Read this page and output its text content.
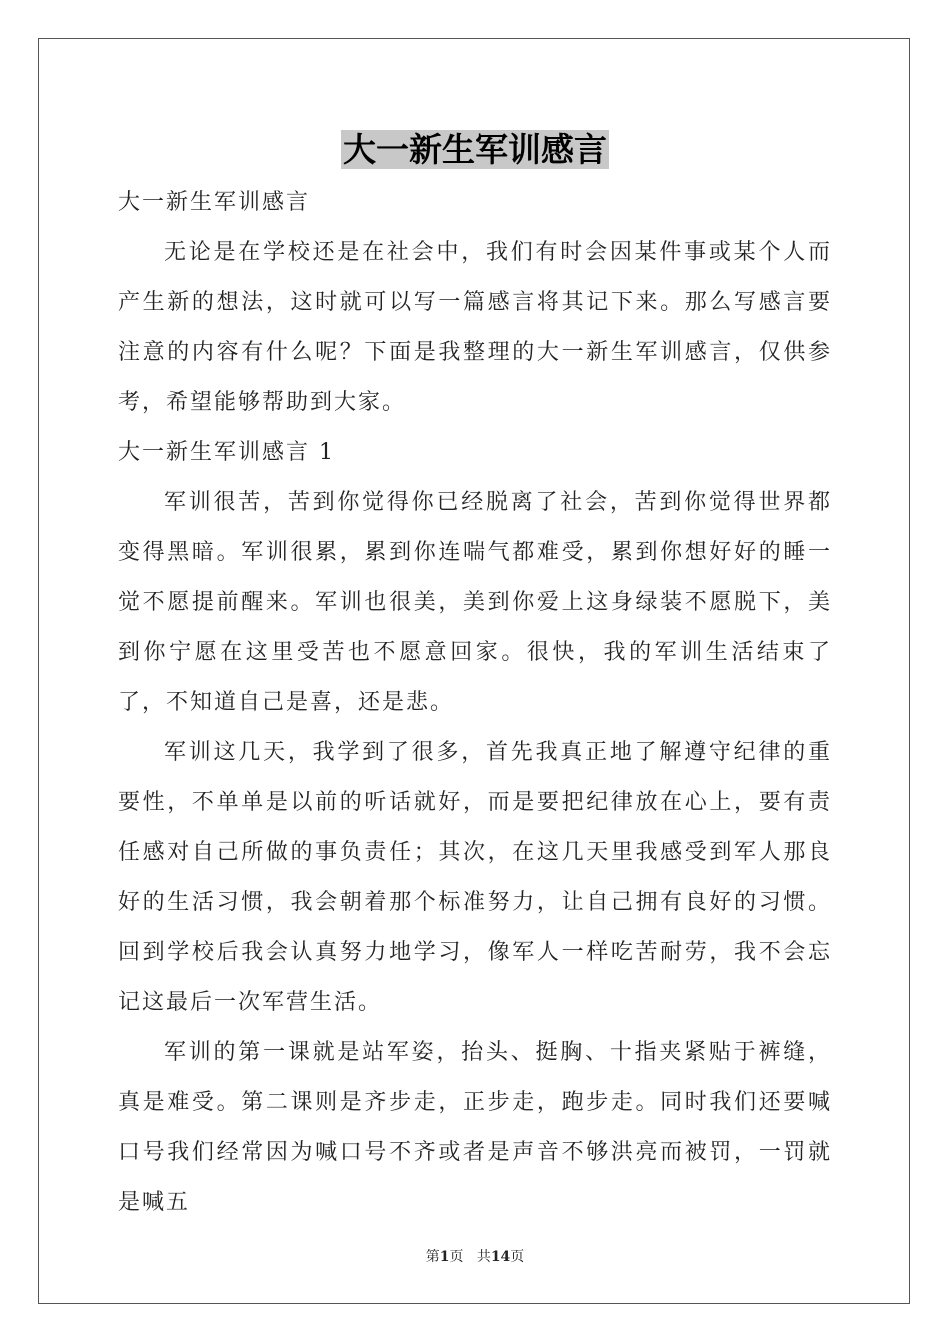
大一新生军训感言

大一新生军训感言

无论是在学校还是在社会中，我们有时会因某件事或某个人而产生新的想法，这时就可以写一篇感言将其记下来。那么写感言要注意的内容有什么呢？下面是我整理的大一新生军训感言，仅供参考，希望能够帮助到大家。

大一新生军训感言 1

军训很苦，苦到你觉得你已经脱离了社会，苦到你觉得世界都变得黑暗。军训很累，累到你连喘气都难受，累到你想好好的睡一觉不愿提前醒来。军训也很美，美到你爱上这身绿装不愿脱下，美到你宁愿在这里受苦也不愿意回家。很快，我的军训生活结束了了，不知道自己是喜，还是悲。

军训这几天，我学到了很多，首先我真正地了解遵守纪律的重要性，不单单是以前的听话就好，而是要把纪律放在心上，要有责任感对自己所做的事负责任；其次，在这几天里我感受到军人那良好的生活习惯，我会朝着那个标准努力，让自己拥有良好的习惯。回到学校后我会认真努力地学习，像军人一样吃苦耐劳，我不会忘记这最后一次军营生活。

军训的第一课就是站军姿，抬头、挺胸、十指夹紧贴于裤缝，真是难受。第二课则是齐步走，正步走，跑步走。同时我们还要喊口号我们经常因为喊口号不齐或者是声音不够洪亮而被罚，一罚就是喊五

第1页 共14页
